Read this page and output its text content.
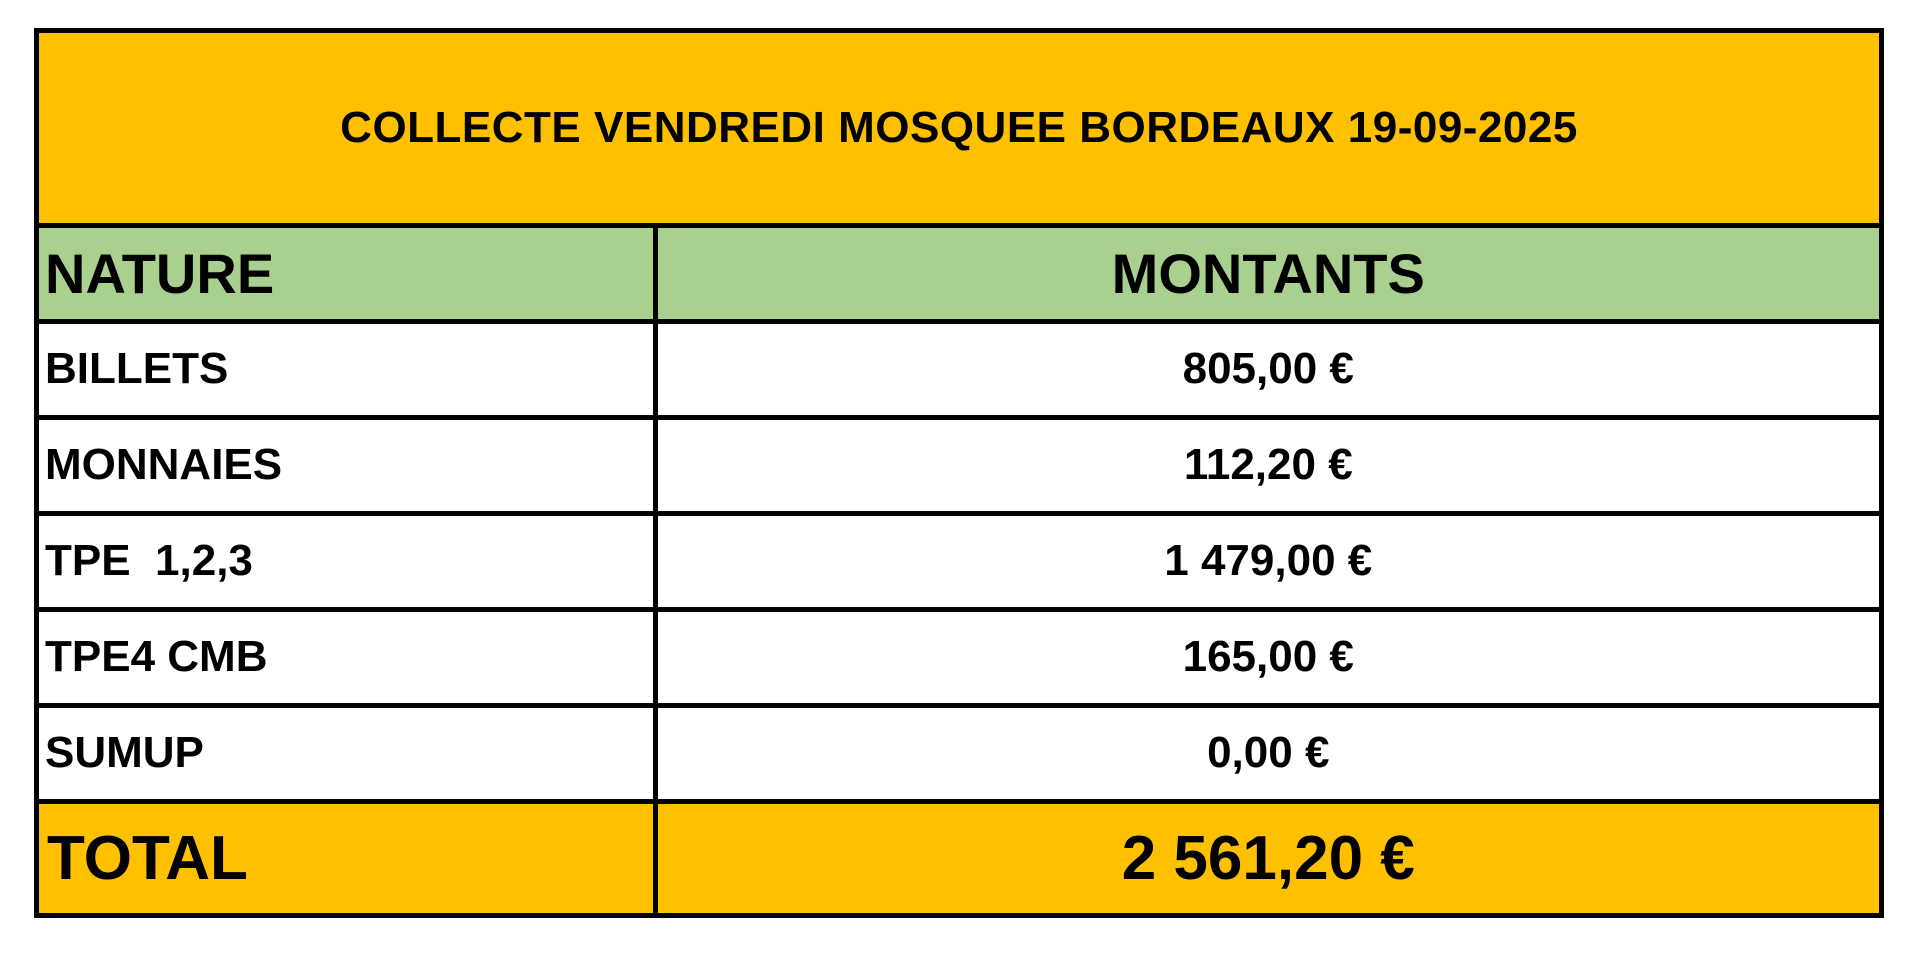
COLLECTE VENDREDI MOSQUEE BORDEAUX 19-09-2025	
NATURE	MONTANTS
BILLETS	805,00 €
MONNAIES	112,20 €
TPE  1,2,3	1 479,00 €
TPE4 CMB	165,00 €
SUMUP	0,00 €
TOTAL	2 561,20 €
